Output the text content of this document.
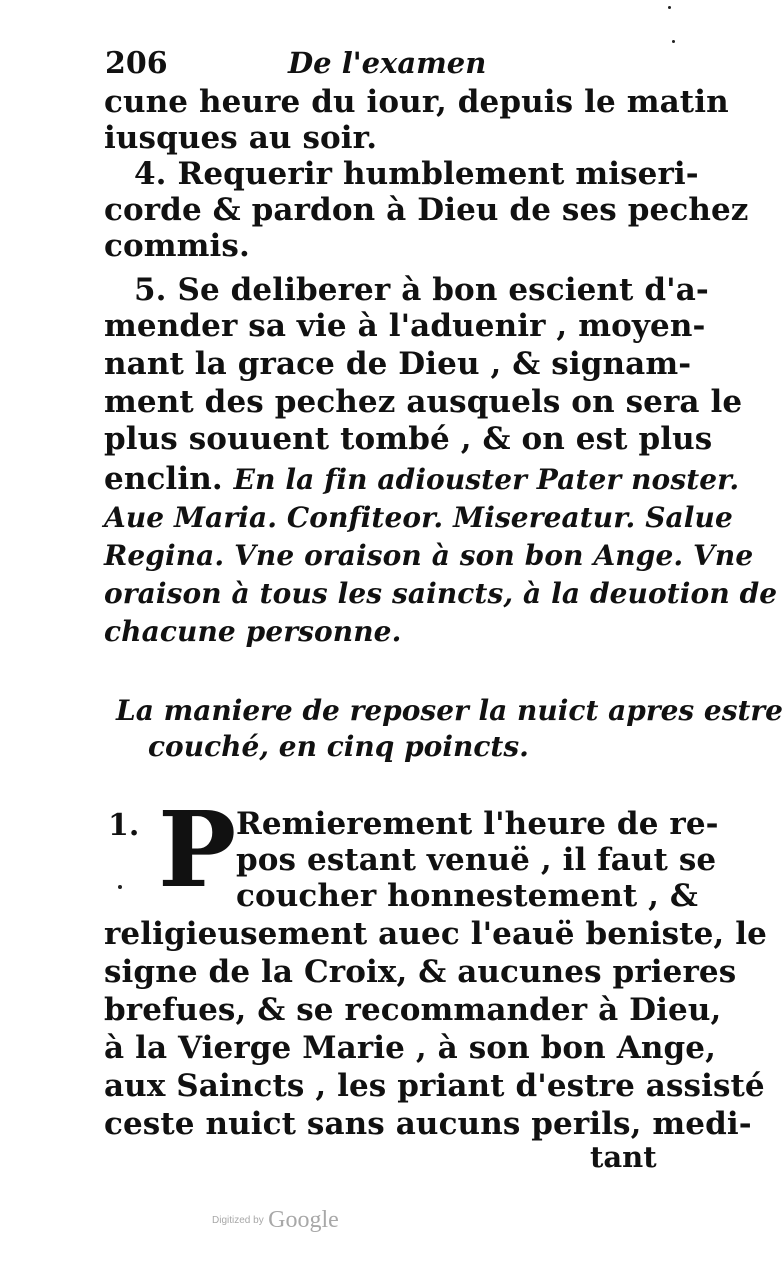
206	De l'examen
cune heure du iour, depuis le matin
iusques au soir.
4. Requerir humblement miseri-
corde & pardon à Dieu de ses pechez
commis.
5. Se deliberer à bon escient d'a-
mender sa vie à l'aduenir , moyen-
nant la grace de Dieu , & signam-
ment des pechez ausquels on sera le
plus souuent tombé , & on est plus
enclin. En la fin adiouster Pater noster.
Aue Maria. Confiteor. Misereatur. Salue
Regina. Vne oraison à son bon Ange. Vne
oraison à tous les saincts, à la deuotion de
chacune personne.
La maniere de reposer la nuict apres estre
couché, en cinq poincts.
1. P Remierement l'heure de re-
pos estant venuë , il faut se
coucher honnestement , &
religieusement auec l'eauë beniste, le
signe de la Croix, & aucunes prieres
brefues, & se recommander à Dieu,
à la Vierge Marie , à son bon Ange,
aux Saincts , les priant d'estre assisté
ceste nuict sans aucuns perils, medi-
tant
Digitized by Google
